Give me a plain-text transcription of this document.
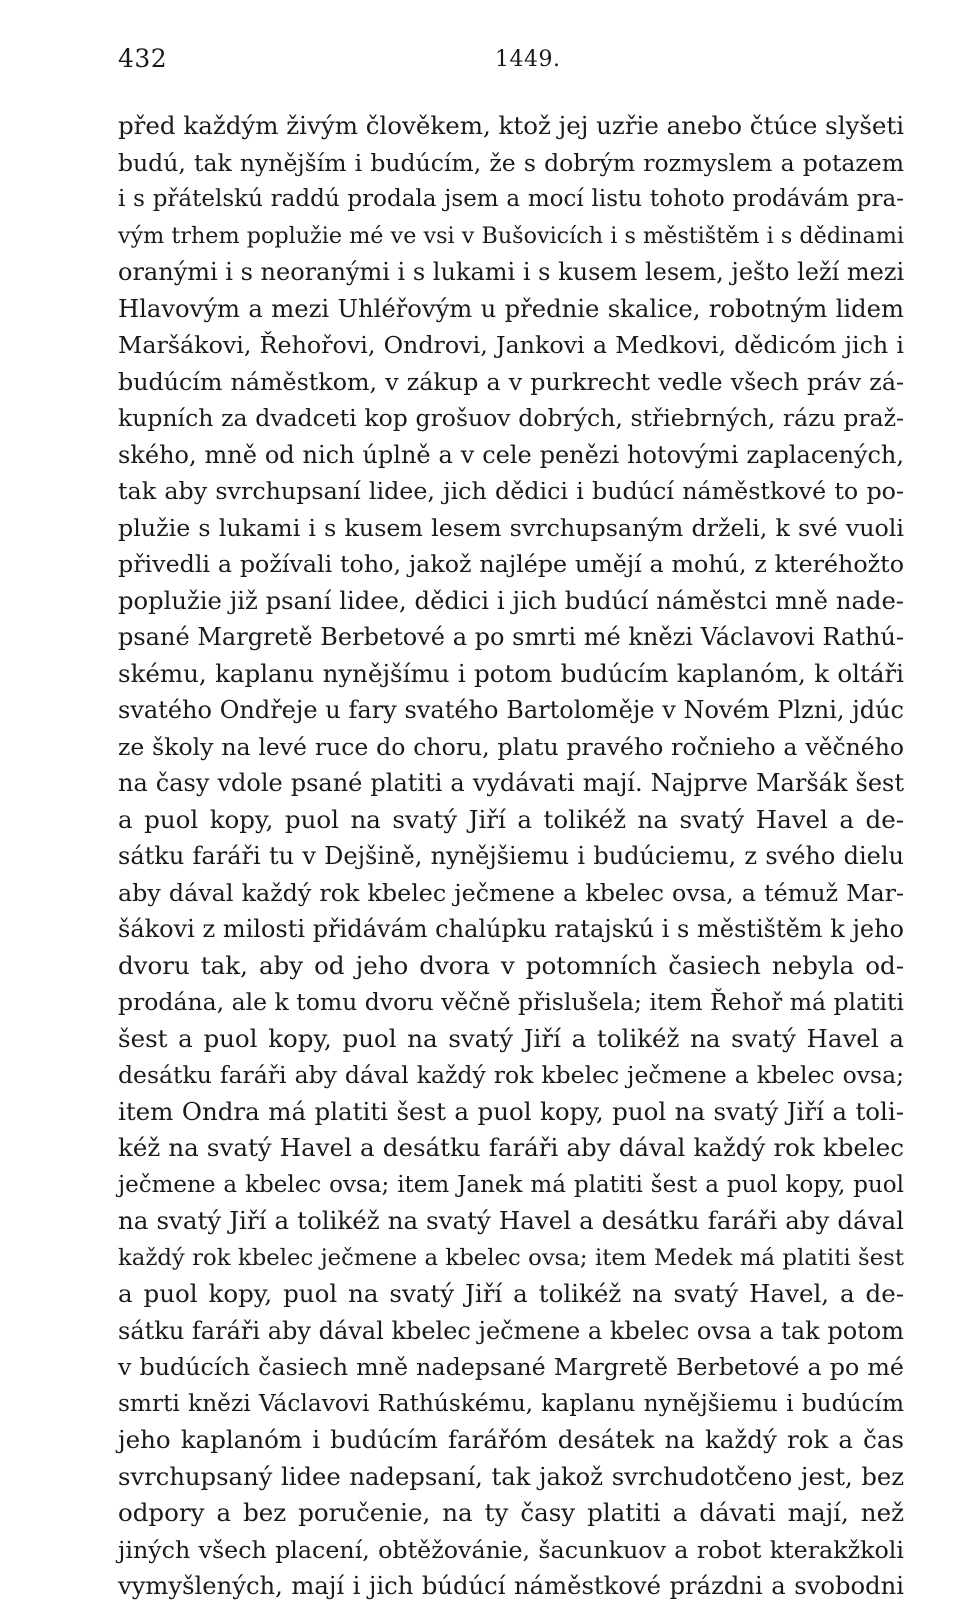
432	1449.
před každým živým člověkem, ktož jej uzřie anebo čtúce slyšeti
budú, tak nynějším i budúcím, že s dobrým rozmyslem a potazem
i s přátelskú raddú prodala jsem a mocí listu tohoto prodávám pra-
vým trhem poplužie mé ve vsi v Bušovicích i s městištěm i s dědinami
oranými i s neoranými i s lukami i s kusem lesem, ješto leží mezi
Hlavovým a mezi Uhléřovým u přednie skalice, robotným lidem
Maršákovi, Řehořovi, Ondrovi, Jankovi a Medkovi, dědicóm jich i
budúcím náměstkom, v zákup a v purkrecht vedle všech práv zá-
kupních za dvadceti kop grošuov dobrých, střiebrných, rázu praž-
ského, mně od nich úplně a v cele penězi hotovými zaplacených,
tak aby svrchupsaní lidee, jich dědici i budúcí náměstkové to po-
plužie s lukami i s kusem lesem svrchupsaným drželi, k své vuoli
přivedli a požívali toho, jakož najlépe umějí a mohú, z kteréhožto
poplužie již psaní lidee, dědici i jich budúcí náměstci mně nade-
psané Margretě Berbetové a po smrti mé knězi Václavovi Rathú-
skému, kaplanu nynějšímu i potom budúcím kaplanóm, k oltáři
svatého Ondřeje u fary svatého Bartoloměje v Novém Plzni, jdúc
ze školy na levé ruce do choru, platu pravého ročnieho a věčného
na časy vdole psané platiti a vydávati mají. Najprve Maršák šest
a puol kopy, puol na svatý Jiří a tolikéž na svatý Havel a de-
sátku faráři tu v Dejšině, nynějšiemu i budúciemu, z svého dielu
aby dával každý rok kbelec ječmene a kbelec ovsa, a témuž Mar-
šákovi z milosti přidávám chalúpku ratajskú i s městištěm k jeho
dvoru tak, aby od jeho dvora v potomních časiech nebyla od-
prodána, ale k tomu dvoru věčně přislušela; item Řehoř má platiti
šest a puol kopy, puol na svatý Jiří a tolikéž na svatý Havel a
desátku faráři aby dával každý rok kbelec ječmene a kbelec ovsa;
item Ondra má platiti šest a puol kopy, puol na svatý Jiří a toli-
kéž na svatý Havel a desátku faráři aby dával každý rok kbelec
ječmene a kbelec ovsa; item Janek má platiti šest a puol kopy, puol
na svatý Jiří a tolikéž na svatý Havel a desátku faráři aby dával
každý rok kbelec ječmene a kbelec ovsa; item Medek má platiti šest
a puol kopy, puol na svatý Jiří a tolikéž na svatý Havel, a de-
sátku faráři aby dával kbelec ječmene a kbelec ovsa a tak potom
v budúcích časiech mně nadepsané Margretě Berbetové a po mé
smrti knězi Václavovi Rathúskému, kaplanu nynějšiemu i budúcím
jeho kaplanóm i budúcím farářóm desátek na každý rok a čas
svrchupsaný lidee nadepsaní, tak jakož svrchudotčeno jest, bez
odpory a bez poručenie, na ty časy platiti a dávati mají, než
jiných všech placení, obtěžovánie, šacunkuov a robot kterakžkoli
vymyšlených, mají i jich búdúcí náměstkové prázdni a svobodni
